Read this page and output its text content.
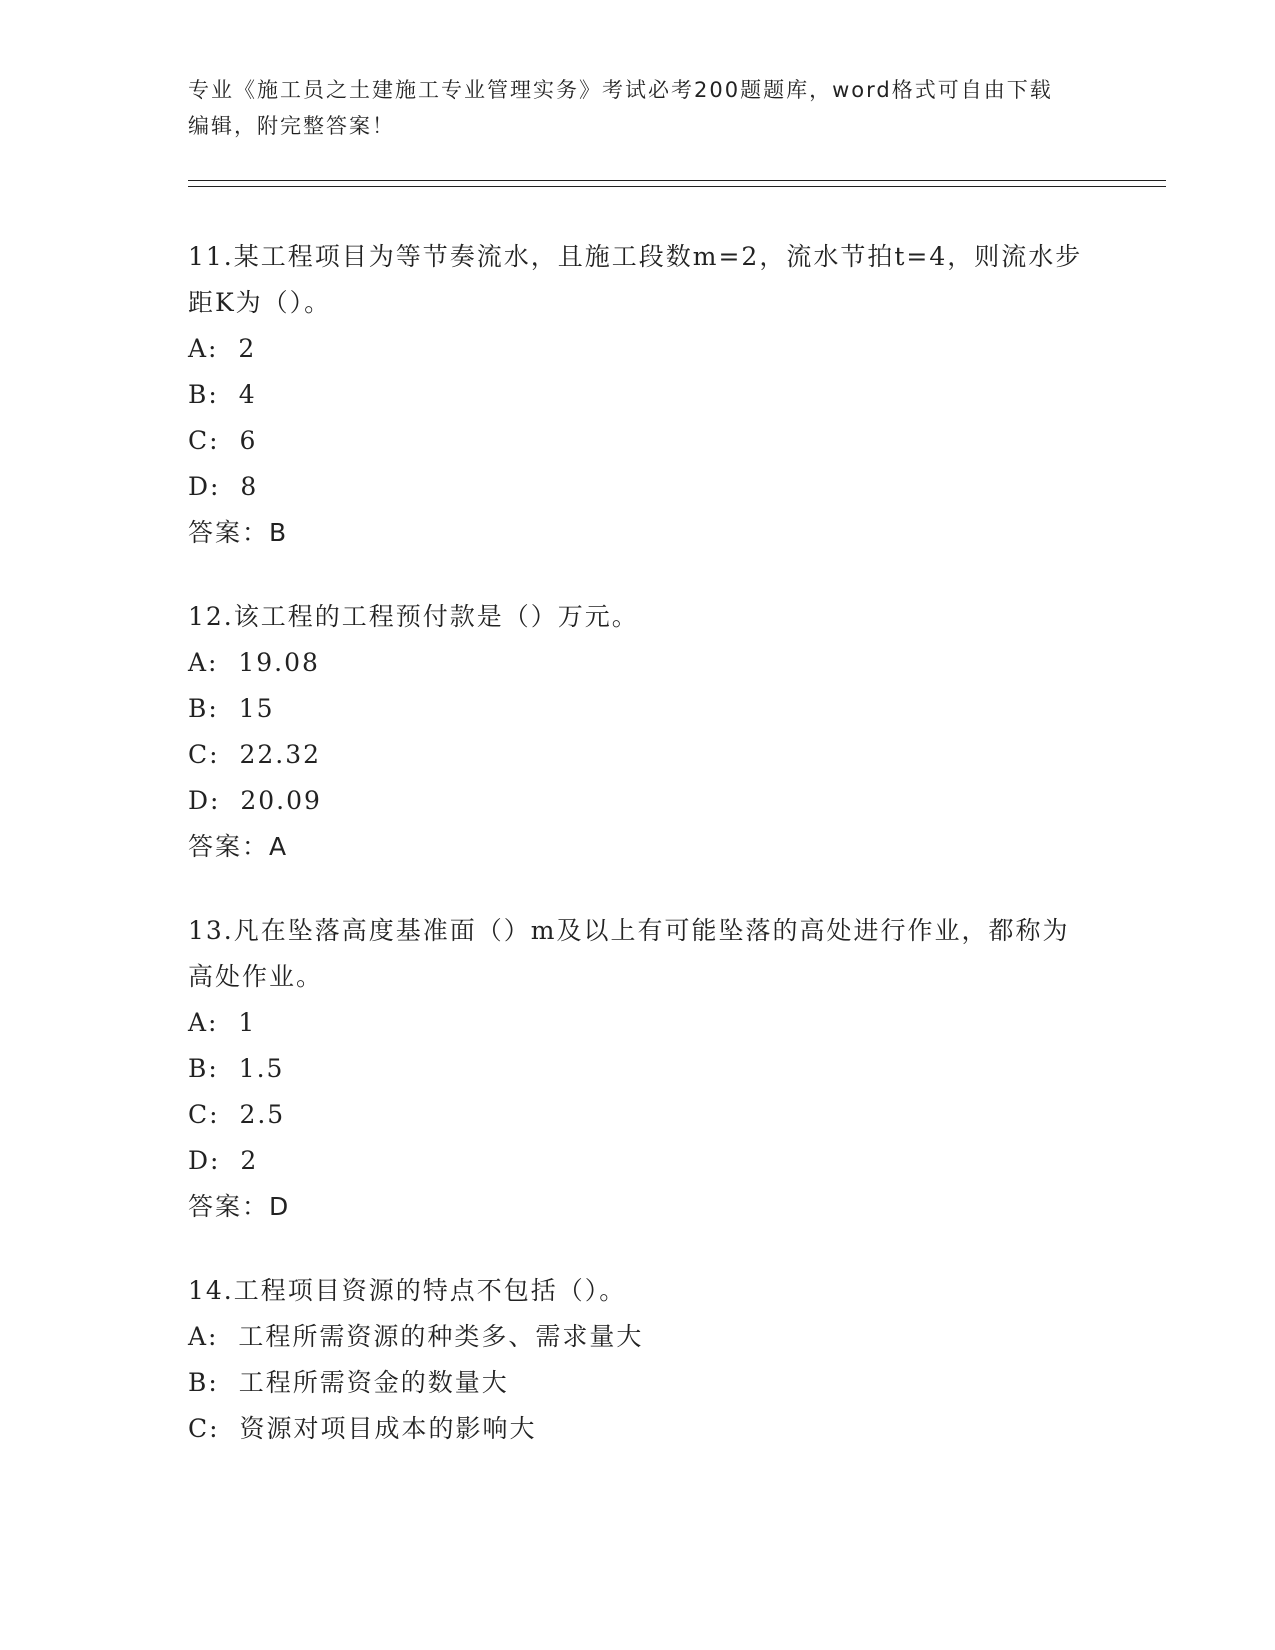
专业《施工员之土建施工专业管理实务》考试必考200题题库，word格式可自由下载编辑，附完整答案！

11.某工程项目为等节奏流水，且施工段数m=2，流水节拍t=4，则流水步距K为（）。

A:  2

B:  4

C:  6

D:  8

答案：B

12.该工程的工程预付款是（）万元。

A:  19.08

B:  15

C:  22.32

D:  20.09

答案：A

13.凡在坠落高度基准面（）m及以上有可能坠落的高处进行作业，都称为高处作业。

A:  1

B:  1.5

C:  2.5

D:  2

答案：D

14.工程项目资源的特点不包括（）。

A:  工程所需资源的种类多、需求量大

B:  工程所需资金的数量大

C:  资源对项目成本的影响大
